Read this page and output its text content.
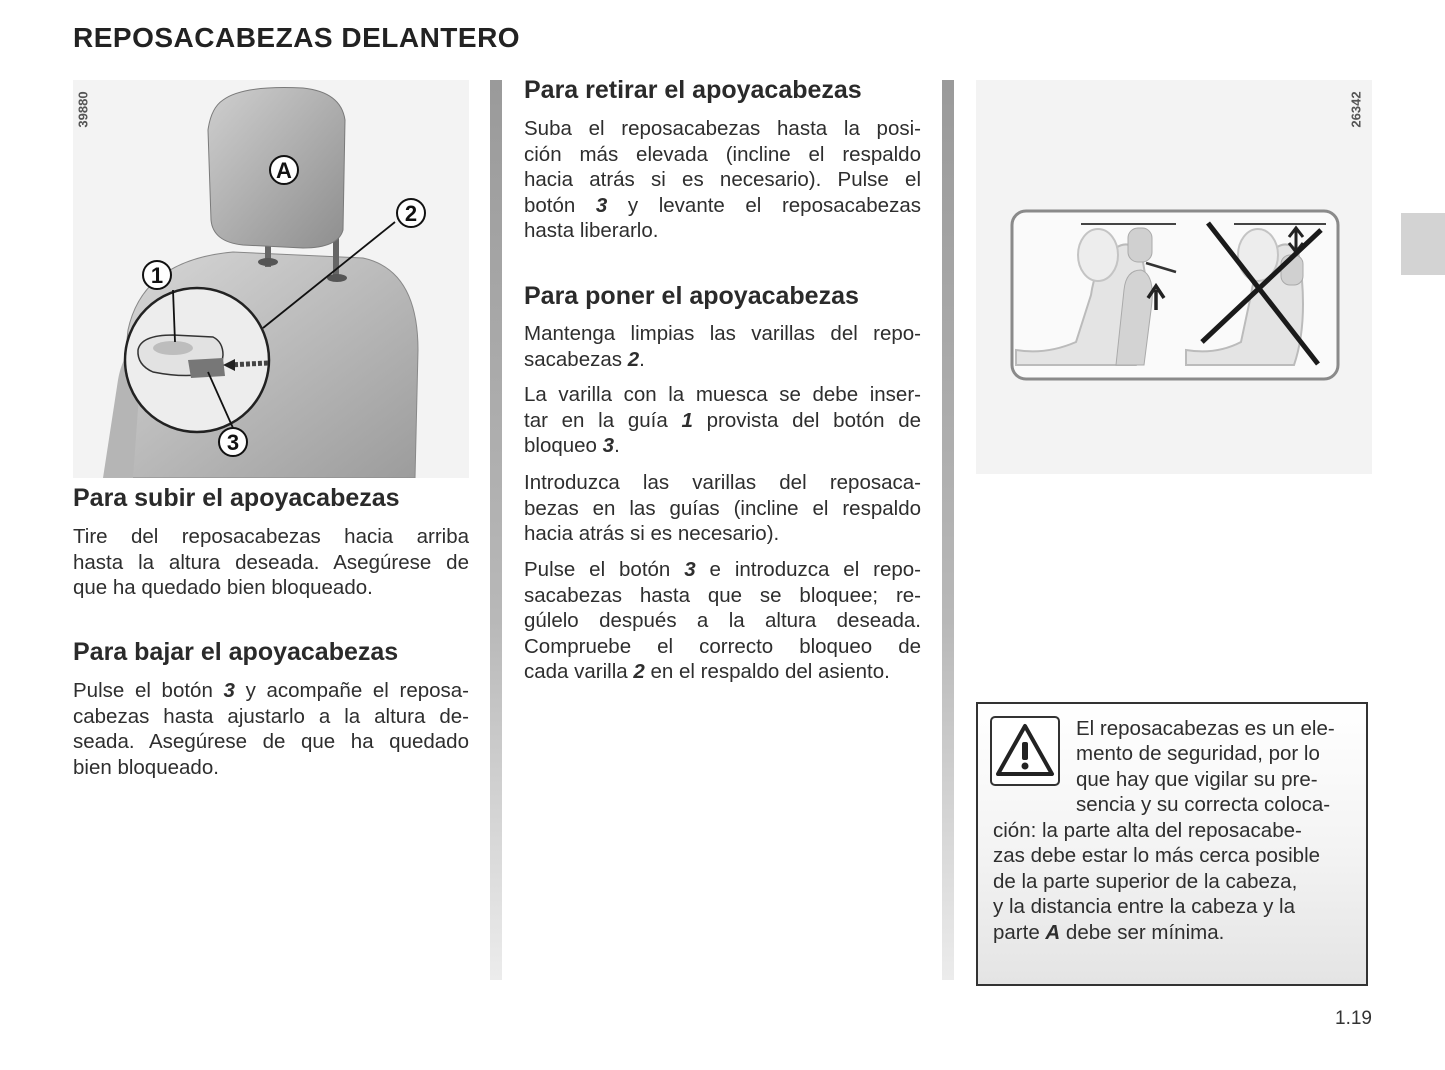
REPOSACABEZAS DELANTERO
A
2
1
3
39880	26342
Para subir el apoyacabezas
Tire del reposacabezas hacia arriba
hasta la altura deseada. Asegúrese de
que ha quedado bien bloqueado.
Para bajar el apoyacabezas
Pulse el botón 3 y acompañe el reposa-
cabezas hasta ajustarlo a la altura de-
seada. Asegúrese de que ha quedado
bien bloqueado.
Para retirar el apoyacabezas
Suba el reposacabezas hasta la posi-
ción más elevada (incline el respaldo
hacia atrás si es necesario). Pulse el
botón 3 y levante el reposacabezas
hasta liberarlo.
Para poner el apoyacabezas
Mantenga limpias las varillas del repo-
sacabezas 2.
La varilla con la muesca se debe inser-
tar en la guía 1 provista del botón de
bloqueo 3.
Introduzca las varillas del reposaca-
bezas en las guías (incline el respaldo
hacia atrás si es necesario).
Pulse el botón 3 e introduzca el repo-
sacabezas hasta que se bloquee; re-
gúlelo después a la altura deseada.
Compruebe el correcto bloqueo de
cada varilla 2 en el respaldo del asiento.
El reposacabezas es un ele-
mento de seguridad, por lo
que hay que vigilar su pre-
sencia y su correcta coloca-
ción: la parte alta del reposacabe-
zas debe estar lo más cerca posible
de la parte superior de la cabeza,
y la distancia entre la cabeza y la
parte A debe ser mínima.
1.19
